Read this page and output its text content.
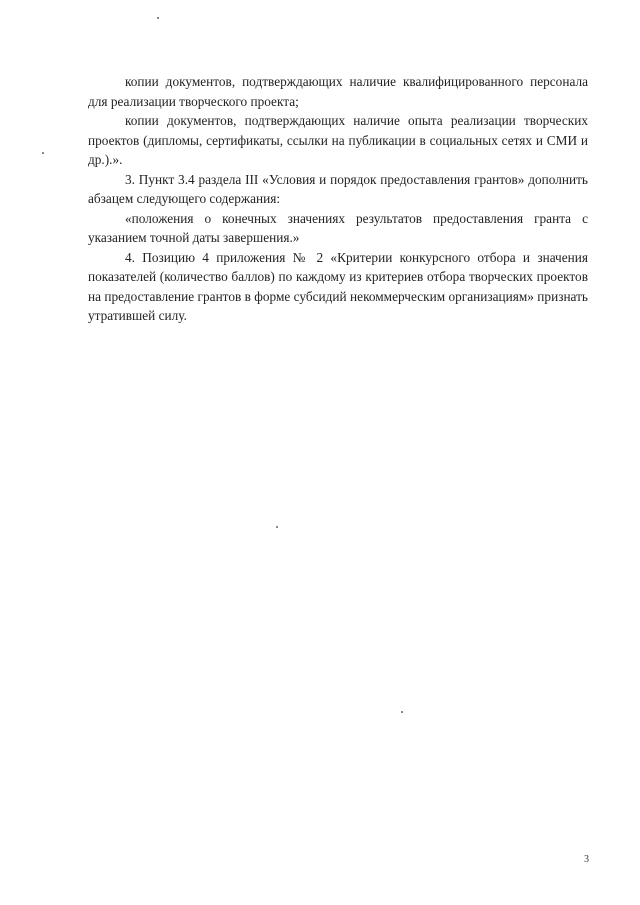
копии документов, подтверждающих наличие квалифицированного персонала для реализации творческого проекта;

копии документов, подтверждающих наличие опыта реализации творческих проектов (дипломы, сертификаты, ссылки на публикации в социальных сетях и СМИ и др.).».

3. Пункт 3.4 раздела III «Условия и порядок предоставления грантов» дополнить абзацем следующего содержания:

«положения о конечных значениях результатов предоставления гранта с указанием точной даты завершения.»

4. Позицию 4 приложения № 2 «Критерии конкурсного отбора и значения показателей (количество баллов) по каждому из критериев отбора творческих проектов на предоставление грантов в форме субсидий некоммерческим организациям» признать утратившей силу.

3
